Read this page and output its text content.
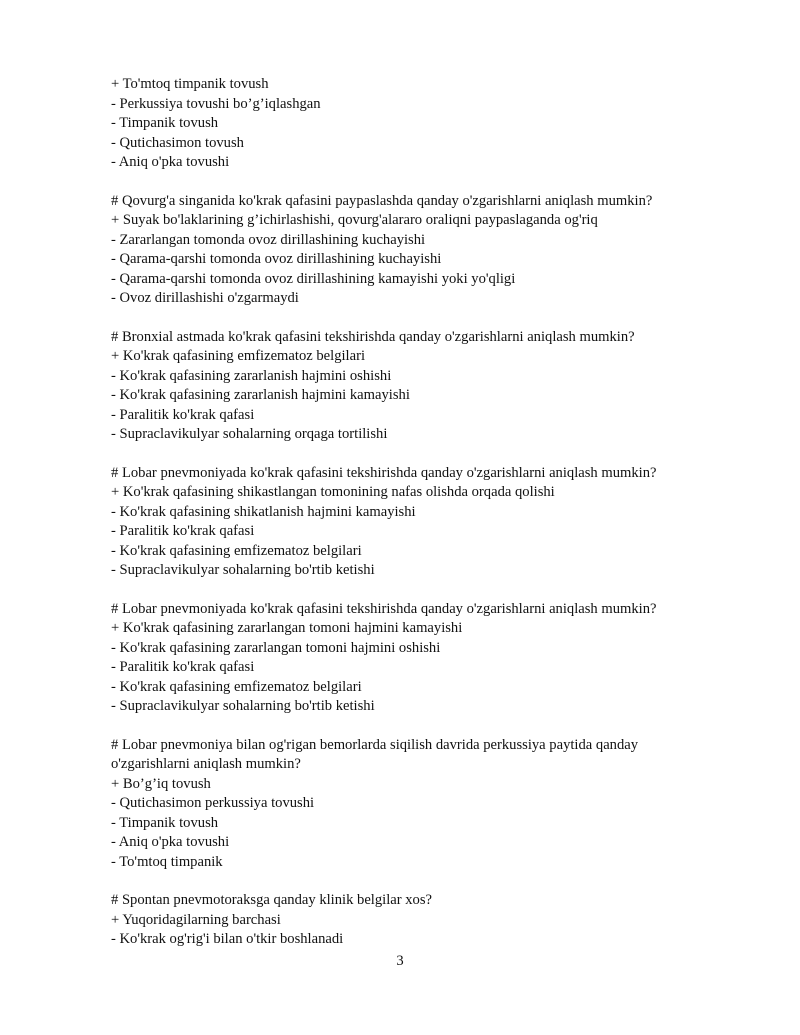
+ To'mtoq timpanik tovush
- Perkussiya tovushi bo’g’iqlashgan
- Timpanik tovush
- Qutichasimon tovush
- Aniq o'pka tovushi
# Qovurg'a singanida ko'krak qafasini paypaslashda qanday o'zgarishlarni aniqlash mumkin?
+ Suyak bo'laklarining g’ichirlashishi, qovurg'alararo oraliqni paypaslaganda og'riq
- Zararlangan tomonda ovoz dirillashining kuchayishi
- Qarama-qarshi tomonda ovoz dirillashining kuchayishi
- Qarama-qarshi tomonda ovoz dirillashining kamayishi yoki yo'qligi
- Ovoz dirillashishi o'zgarmaydi
# Bronxial astmada ko'krak qafasini tekshirishda qanday o'zgarishlarni aniqlash mumkin?
+ Ko'krak qafasining emfizematoz belgilari
- Ko'krak qafasining zararlanish hajmini oshishi
- Ko'krak qafasining zararlanish hajmini kamayishi
- Paralitik ko'krak qafasi
- Supraclavikulyar sohalarning orqaga tortilishi
# Lobar pnevmoniyada ko'krak qafasini tekshirishda qanday o'zgarishlarni aniqlash mumkin?
+ Ko'krak qafasining shikastlangan tomonining nafas olishda orqada qolishi
- Ko'krak qafasining shikatlanish hajmini kamayishi
- Paralitik ko'krak qafasi
- Ko'krak qafasining emfizematoz belgilari
- Supraclavikulyar sohalarning bo'rtib ketishi
# Lobar pnevmoniyada ko'krak qafasini tekshirishda qanday o'zgarishlarni aniqlash mumkin?
+ Ko'krak qafasining zararlangan tomoni hajmini kamayishi
- Ko'krak qafasining zararlangan tomoni hajmini oshishi
- Paralitik ko'krak qafasi
- Ko'krak qafasining emfizematoz belgilari
- Supraclavikulyar sohalarning bo'rtib ketishi
# Lobar pnevmoniya bilan og'rigan bemorlarda siqilish davrida perkussiya paytida qanday o'zgarishlarni aniqlash mumkin?
+ Bo’g’iq tovush
- Qutichasimon perkussiya tovushi
- Timpanik tovush
- Aniq o'pka tovushi
- To'mtoq timpanik
# Spontan pnevmotoraksga qanday klinik belgilar xos?
+ Yuqoridagilarning barchasi
- Ko'krak og'rig'i bilan o'tkir boshlanadi
3
